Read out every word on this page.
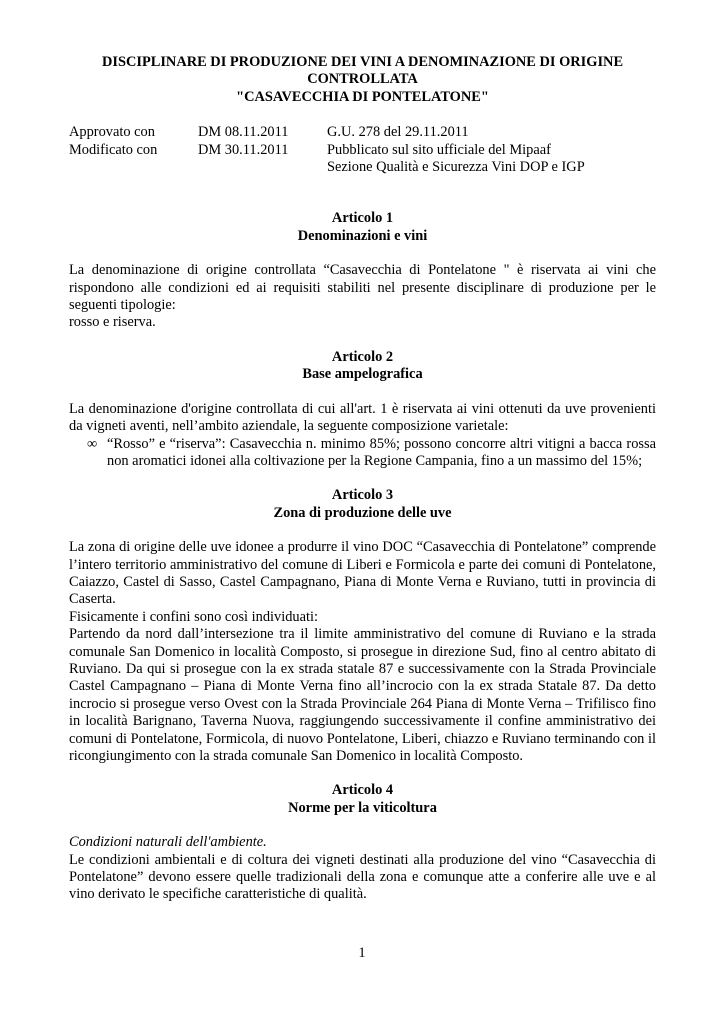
DISCIPLINARE DI PRODUZIONE DEI VINI A DENOMINAZIONE DI ORIGINE
CONTROLLATA
"CASAVECCHIA DI PONTELATONE"
Approvato con	DM 08.11.2011	G.U. 278 del 29.11.2011
Modificato con	DM 30.11.2011	Pubblicato sul sito ufficiale del Mipaaf
Sezione Qualità e Sicurezza Vini DOP e IGP
Articolo 1
Denominazioni e vini

La denominazione di origine controllata “Casavecchia di Pontelatone " è riservata ai vini che rispondono alle condizioni ed ai requisiti stabiliti nel presente disciplinare di produzione per le seguenti tipologie:

rosso e riserva.

Articolo 2
Base ampelografica

La denominazione d'origine controllata di cui all'art. 1 è riservata ai vini ottenuti da uve provenienti da vigneti aventi, nell’ambito aziendale, la seguente composizione varietale:

∞ “Rosso” e “riserva”: Casavecchia n. minimo 85%; possono concorre altri vitigni a bacca rossa non aromatici idonei alla coltivazione per la Regione Campania, fino a un massimo del 15%;
Articolo 3
Zona di produzione delle uve

La zona di origine delle uve idonee a produrre il vino DOC “Casavecchia di Pontelatone” comprende l’intero territorio amministrativo del comune di Liberi e Formicola e parte dei comuni di Pontelatone, Caiazzo, Castel di Sasso, Castel Campagnano, Piana di Monte Verna e Ruviano, tutti in provincia di Caserta.

Fisicamente i confini sono così individuati:

Partendo da nord dall’intersezione tra il limite amministrativo del comune di Ruviano e la strada comunale San Domenico in località Composto, si prosegue in direzione Sud, fino al centro abitato di Ruviano. Da qui si prosegue con la ex strada statale 87 e successivamente con la Strada Provinciale Castel Campagnano – Piana di Monte Verna fino all’incrocio con la ex strada Statale 87. Da detto incrocio si prosegue verso Ovest con la Strada Provinciale 264 Piana di Monte Verna – Trifilisco fino in località Barignano, Taverna Nuova, raggiungendo successivamente il confine amministrativo dei comuni di Pontelatone, Formicola, di nuovo Pontelatone, Liberi, chiazzo e Ruviano terminando con il ricongiungimento con la strada comunale San Domenico in località Composto.

Articolo 4
Norme per la viticoltura

Condizioni naturali dell'ambiente.

Le condizioni ambientali e di coltura dei vigneti destinati alla produzione del vino “Casavecchia di Pontelatone” devono essere quelle tradizionali della zona e comunque atte a conferire alle uve e al vino derivato le specifiche caratteristiche di qualità.

1
